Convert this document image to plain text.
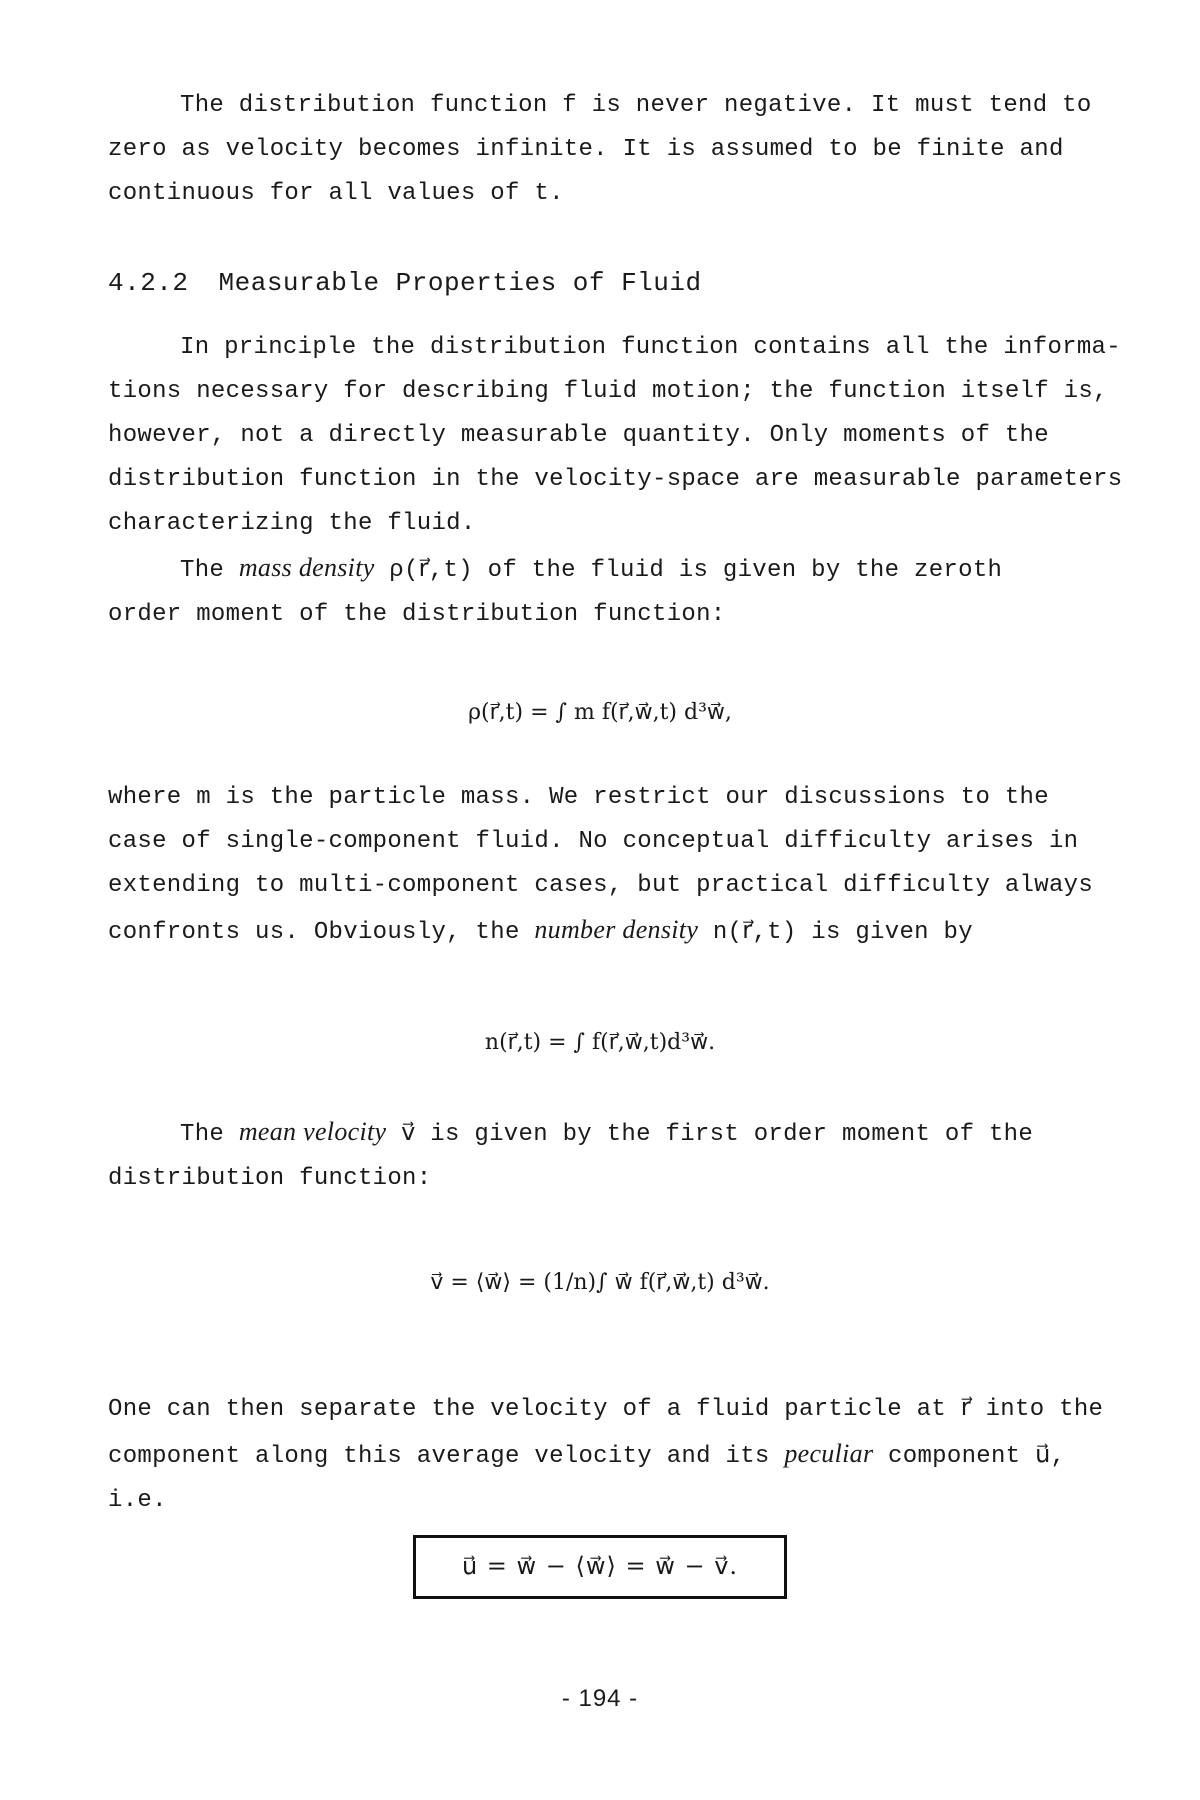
The distribution function f is never negative. It must tend to
zero as velocity becomes infinite. It is assumed to be finite and
continuous for all values of t.
4.2.2 Measurable Properties of Fluid
In principle the distribution function contains all the informa-
tions necessary for describing fluid motion; the function itself is,
however, not a directly measurable quantity. Only moments of the
distribution function in the velocity-space are measurable parameters
characterizing the fluid.
The mass density ρ(r⃗,t) of the fluid is given by the zeroth
order moment of the distribution function:
ρ(r⃗,t) = ∫ m f(r⃗,w⃗,t) d³w⃗,
where m is the particle mass. We restrict our discussions to the
case of single-component fluid. No conceptual difficulty arises in
extending to multi-component cases, but practical difficulty always
confronts us. Obviously, the number density n(r⃗,t) is given by
n(r⃗,t) = ∫ f(r⃗,w⃗,t)d³w⃗.
The mean velocity v⃗ is given by the first order moment of the
distribution function:
v⃗ = ⟨w⃗⟩ = (1/n)∫ w⃗ f(r⃗,w⃗,t) d³w⃗.
One can then separate the velocity of a fluid particle at r⃗ into the
component along this average velocity and its peculiar component u⃗,
i.e.
u⃗ = w⃗ − ⟨w⃗⟩ = w⃗ − v⃗.
- 194 -
